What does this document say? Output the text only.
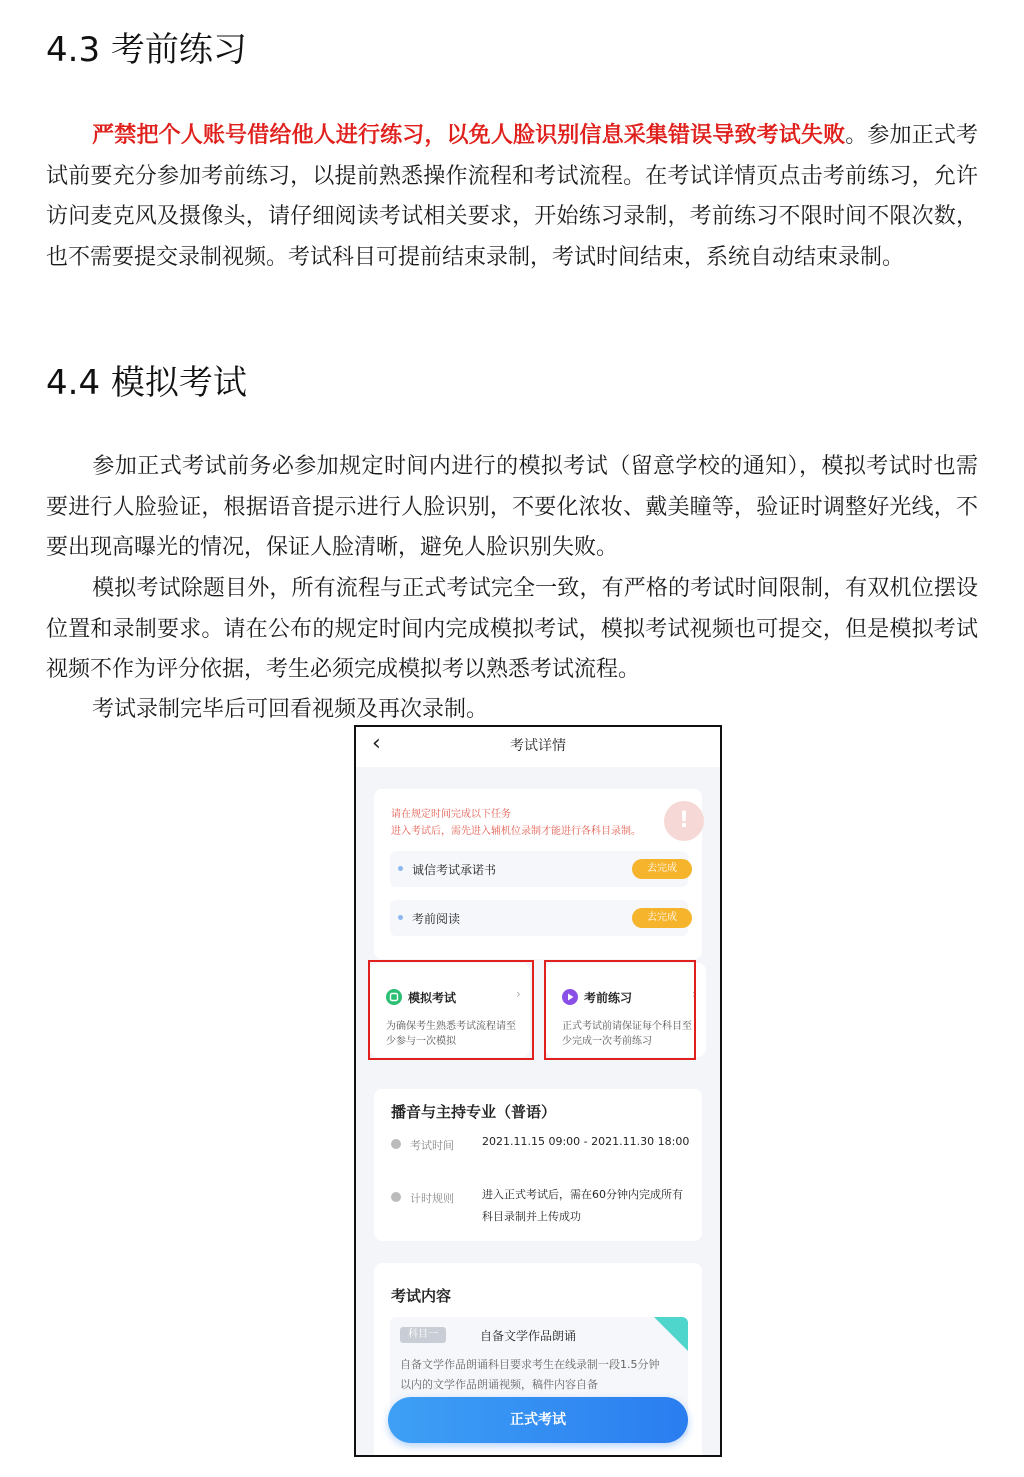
4.3 考前练习

严禁把个人账号借给他人进行练习，以免人脸识别信息采集错误导致考试失败。参加正式考试前要充分参加考前练习，以提前熟悉操作流程和考试流程。在考试详情页点击考前练习，允许访问麦克风及摄像头，请仔细阅读考试相关要求，开始练习录制，考前练习不限时间不限次数，也不需要提交录制视频。考试科目可提前结束录制，考试时间结束，系统自动结束录制。

4.4 模拟考试

参加正式考试前务必参加规定时间内进行的模拟考试（留意学校的通知），模拟考试时也需要进行人脸验证，根据语音提示进行人脸识别，不要化浓妆、戴美瞳等，验证时调整好光线，不要出现高曝光的情况，保证人脸清晰，避免人脸识别失败。

模拟考试除题目外，所有流程与正式考试完全一致，有严格的考试时间限制，有双机位摆设位置和录制要求。请在公布的规定时间内完成模拟考试，模拟考试视频也可提交，但是模拟考试视频不作为评分依据，考生必须完成模拟考以熟悉考试流程。

考试录制完毕后可回看视频及再次录制。

‹	考试详情
请在规定时间完成以下任务
进入考试后，需先进入辅机位录制才能进行各科目录制。	!
诚信考试承诺书	去完成
考前阅读	去完成
模拟考试	›
为确保考生熟悉考试流程请至少参与一次模拟
考前练习	›
正式考试前请保证每个科目至少完成一次考前练习
播音与主持专业（普语）
考试时间	2021.11.15 09:00 - 2021.11.30 18:00
计时规则	进入正式考试后，需在60分钟内完成所有科目录制并上传成功
考试内容
科目一	自备文学作品朗诵
自备文学作品朗诵科目要求考生在线录制一段1.5分钟以内的文学作品朗诵视频，稿件内容自备
正式考试
